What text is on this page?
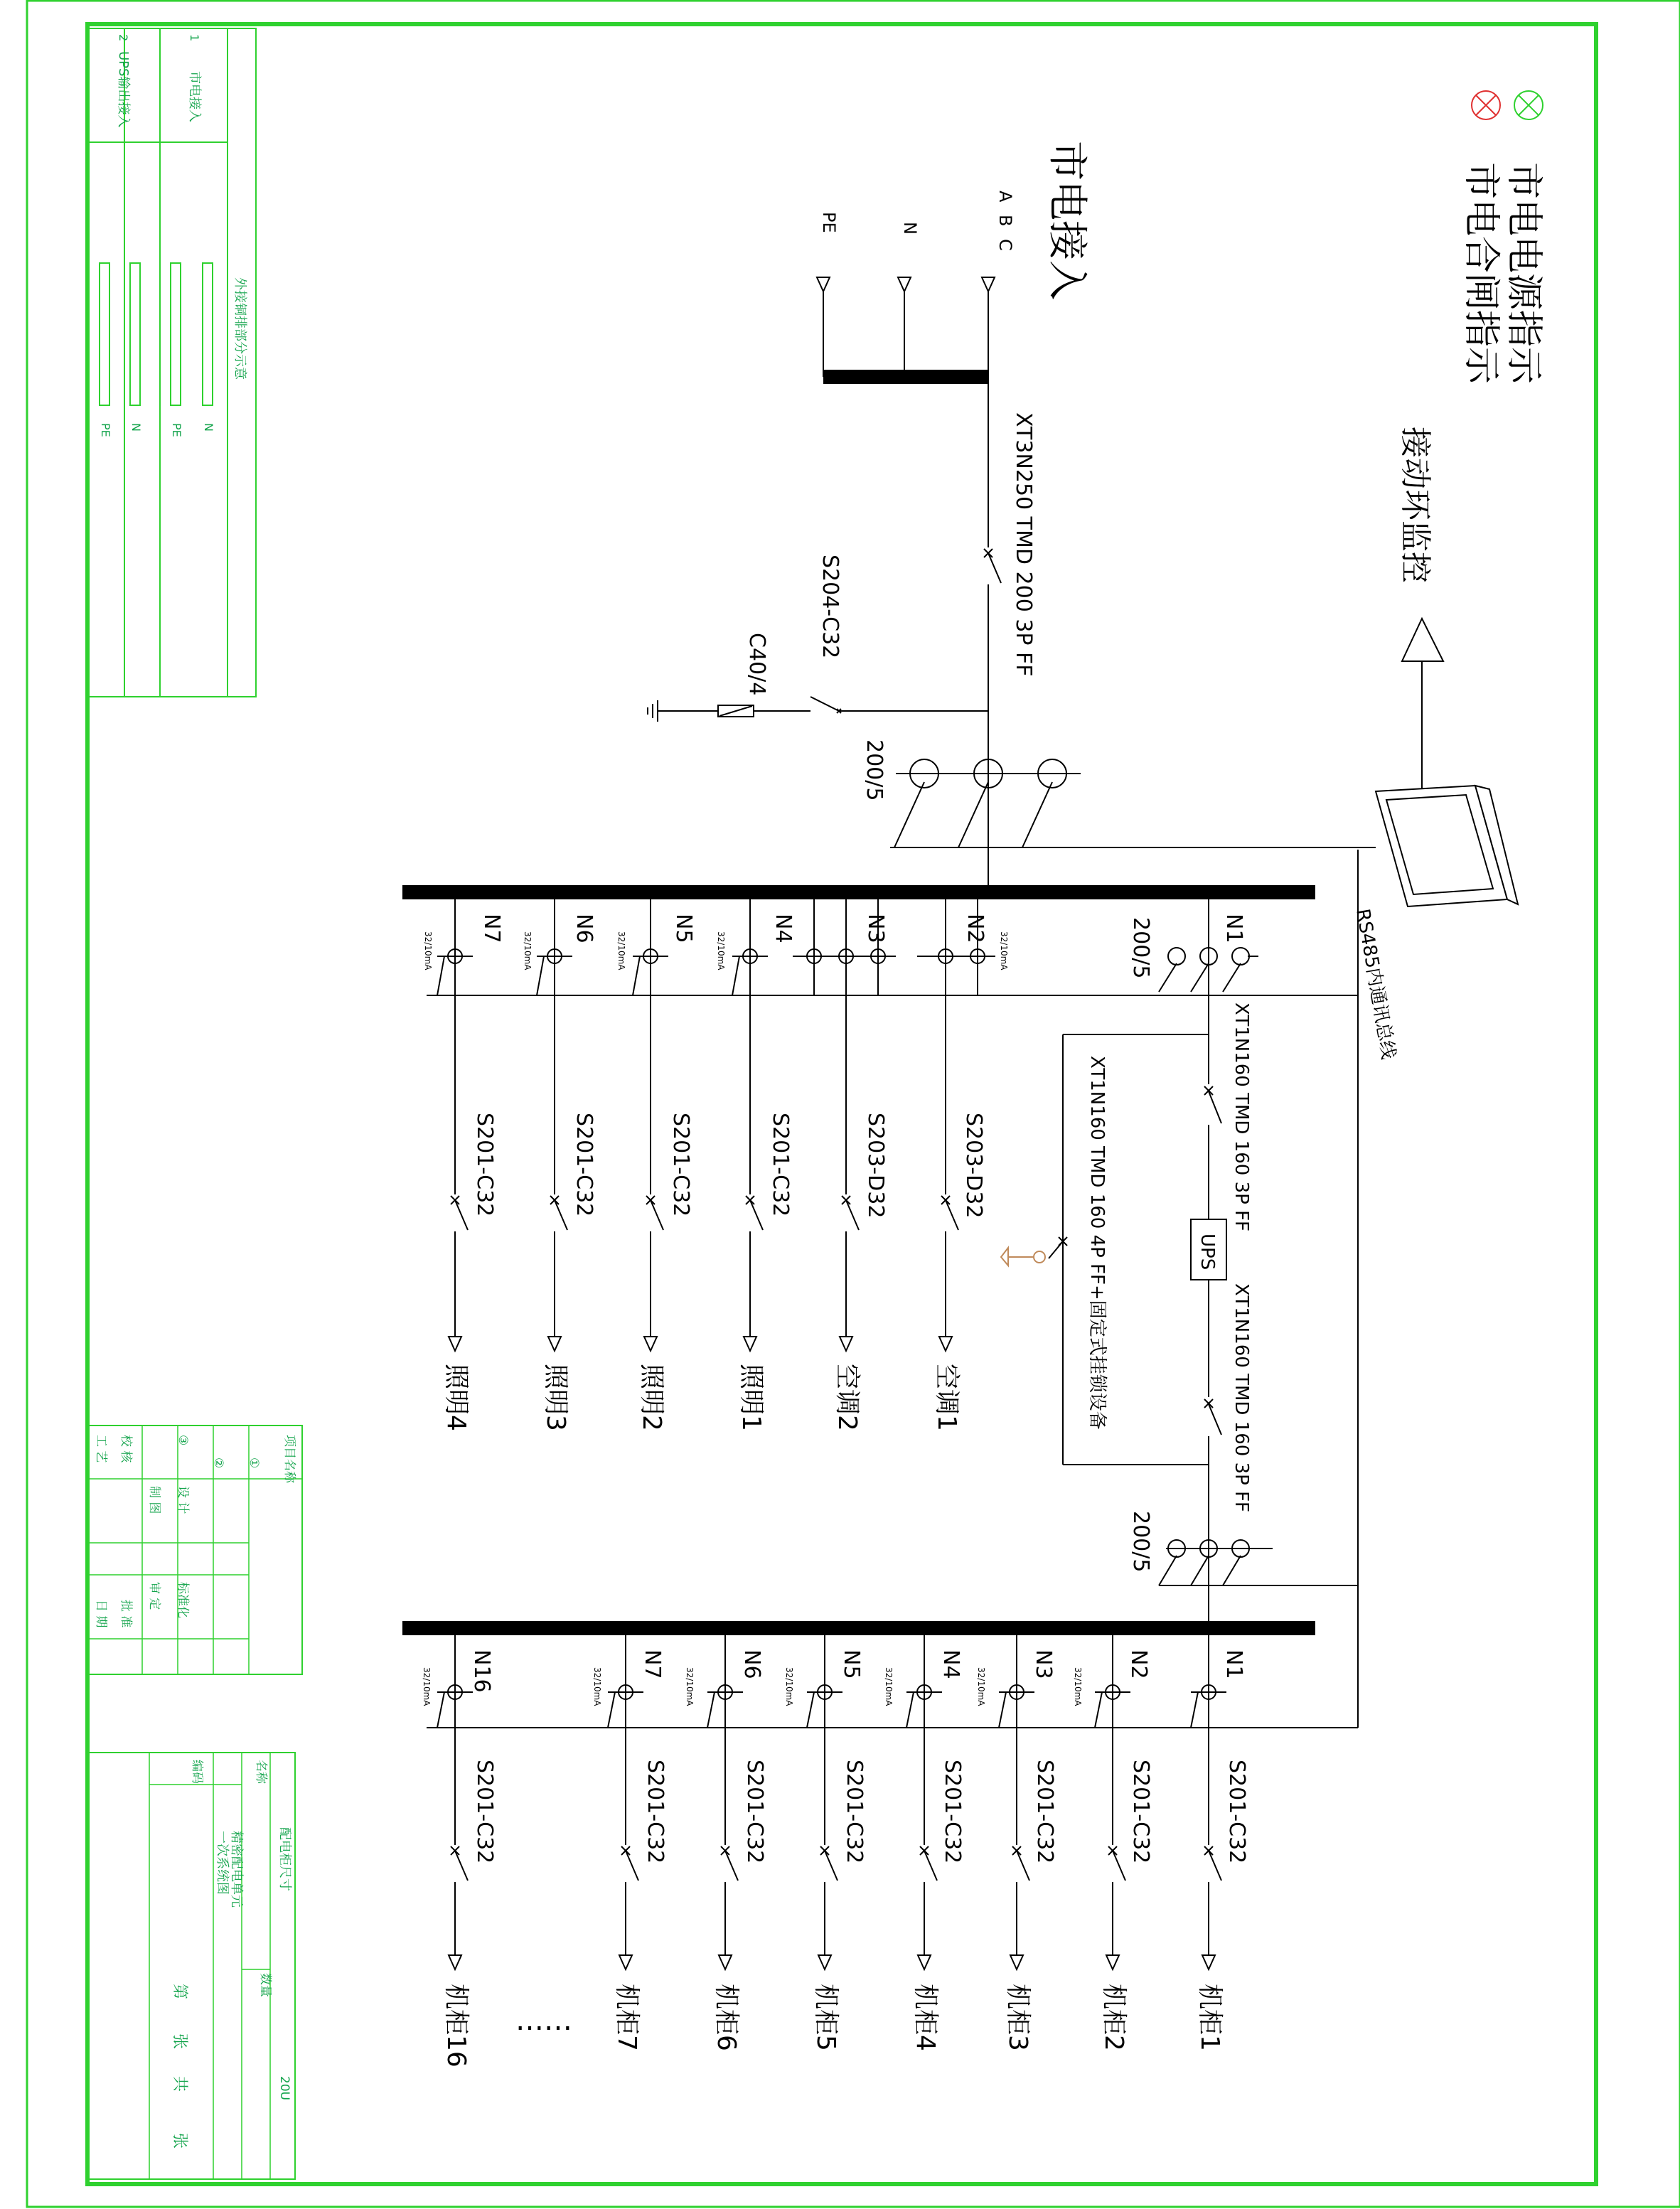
外接铜排部分示意
1
2
市电接入
UPS输出接入
N
PE
N
PE
项目名称
①
②
③
设 计
制 图
校 核
工 艺
标准化
审 定
批 准
日 期
配电柜尺寸
20U
名称
编码
精密配电单元
一次系统图
数量
第
张
共
张
市电电源指示
市电合闸指示
接动环监控
RS485内通讯总线
市电接入
A
B
C
N
PE
XT3N250 TMD 200 3P FF
S204-C32
C40/4
200/5
UPS
XT1N160 TMD 160 3P FF
XT1N160 TMD 160 3P FF
XT1N160 TMD 160 4P FF+固定式挂锁设备
200/5
200/5
N1
N2
N3
N4
N5
N6
N7
32/10mA
32/10mA
32/10mA
32/10mA
32/10mA
S203-D32
空调1
S203-D32
空调2
S201-C32
照明1
S201-C32
照明2
S201-C32
照明3
S201-C32
照明4
N1
S201-C32
机柜1
N2
32/10mA
S201-C32
机柜2
N3
32/10mA
S201-C32
机柜3
N4
32/10mA
S201-C32
机柜4
N5
32/10mA
S201-C32
机柜5
N6
32/10mA
S201-C32
机柜6
N7
32/10mA
S201-C32
机柜7
N16
32/10mA
S201-C32
机柜16 ……
